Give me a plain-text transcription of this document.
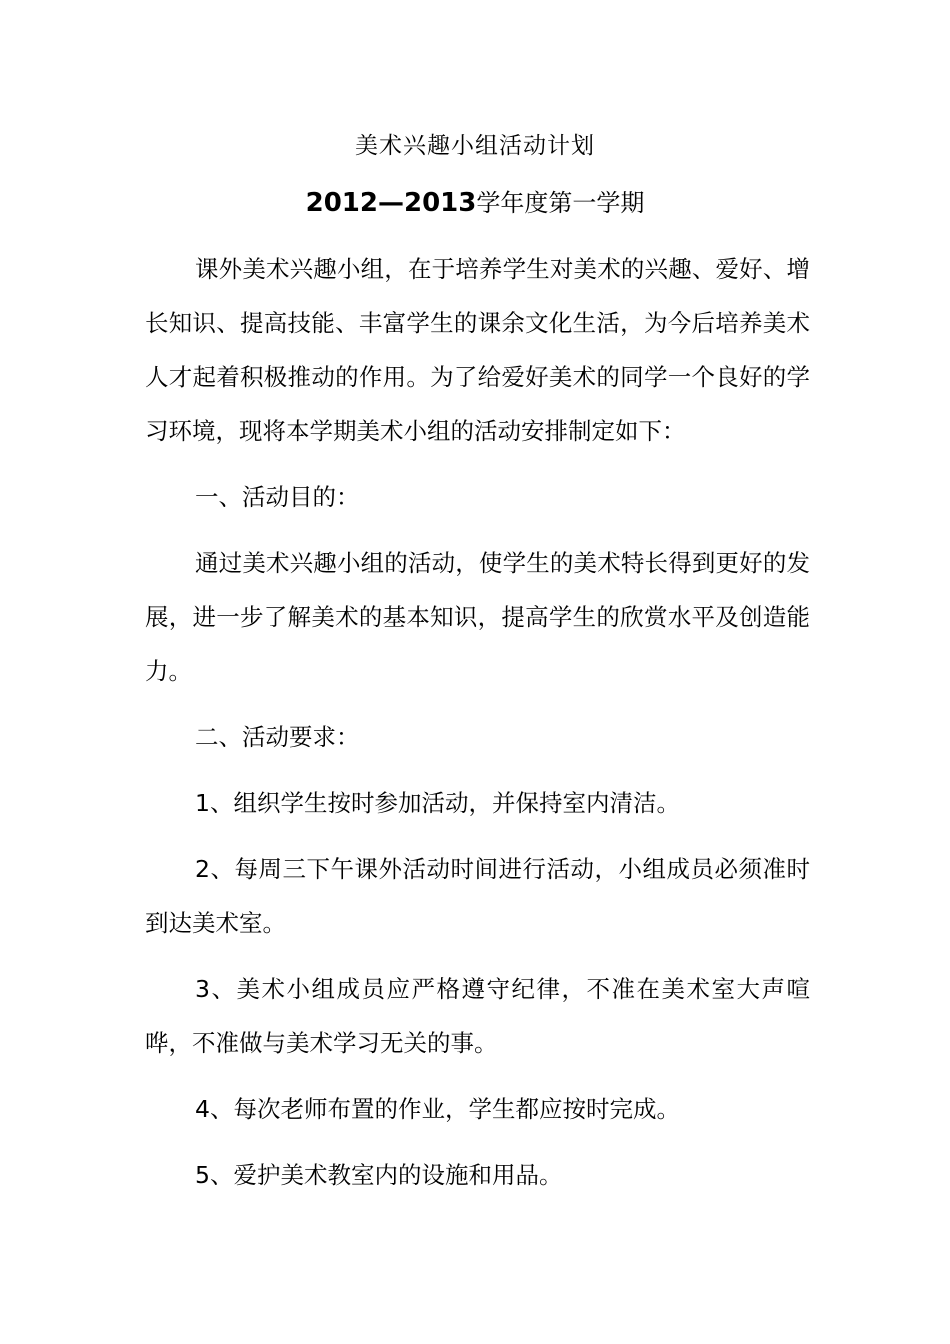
美术兴趣小组活动计划
2012—2013学年度第一学期

课外美术兴趣小组，在于培养学生对美术的兴趣、爱好、增长知识、提高技能、丰富学生的课余文化生活，为今后培养美术人才起着积极推动的作用。为了给爱好美术的同学一个良好的学习环境，现将本学期美术小组的活动安排制定如下：

一、活动目的：

通过美术兴趣小组的活动，使学生的美术特长得到更好的发展，进一步了解美术的基本知识，提高学生的欣赏水平及创造能力。

二、活动要求：

1、组织学生按时参加活动，并保持室内清洁。

2、每周三下午课外活动时间进行活动，小组成员必须准时到达美术室。

3、美术小组成员应严格遵守纪律，不准在美术室大声喧哗，不准做与美术学习无关的事。

4、每次老师布置的作业，学生都应按时完成。

5、爱护美术教室内的设施和用品。
